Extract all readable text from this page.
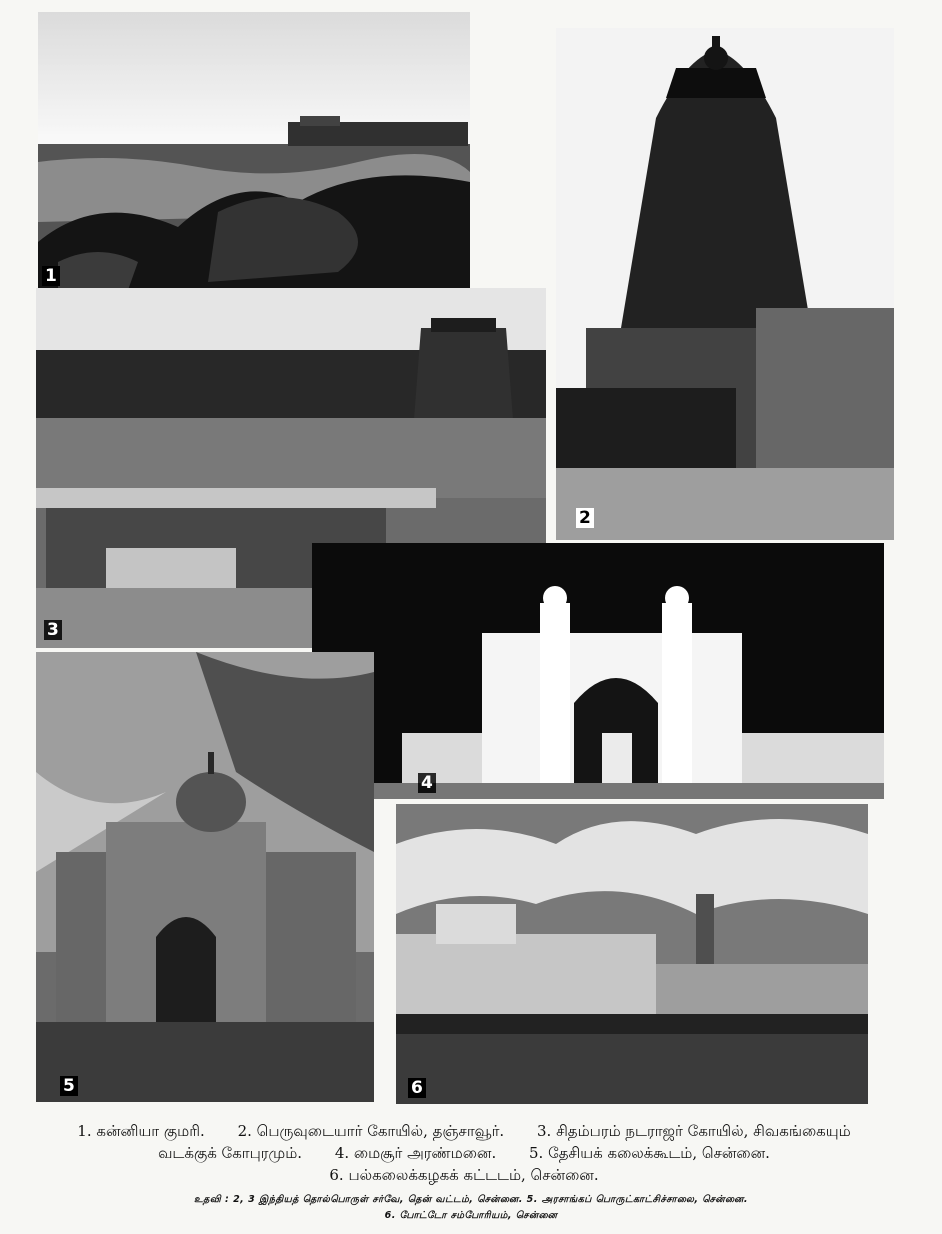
1
2
3
4
5	6
1. கன்னியா குமரி. 2. பெருவுடையார் கோயில், தஞ்சாவூர். 3. சிதம்பரம் நடராஜர் கோயில், சிவகங்கையும்
வடக்குக் கோபுரமும். 4. மைசூர் அரண்மனை. 5. தேசியக் கலைக்கூடம், சென்னை.
6. பல்கலைக்கழகக் கட்டடம், சென்னை.
உதவி : 2, 3 இந்தியத் தொல்பொருள் சர்வே, தென் வட்டம், சென்னை. 5. அரசாங்கப் பொருட்காட்சிச்சாலை, சென்னை.
6. போட்டோ சம்போரியம், சென்னை
